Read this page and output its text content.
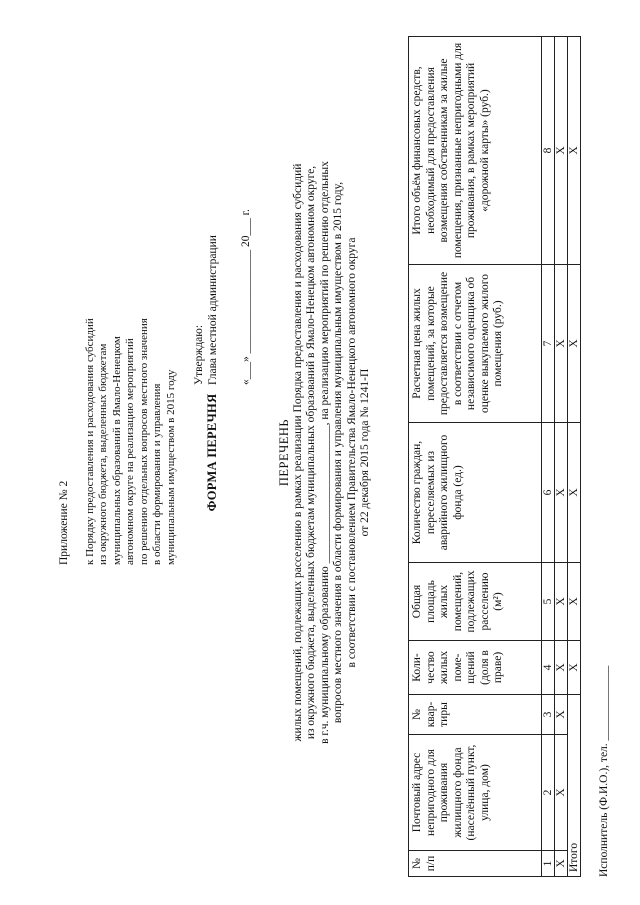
Приложение № 2 к Порядку предоставления и расходования субсидий из окружного бюджета, выделенных бюджетам муниципальных образований в Ямало-Ненецком автономном округе на реализацию мероприятий по решению отдельных вопросов местного значения в области формирования и управления муниципальным имуществом в 2015 году ФОРМА ПЕРЕЧНЯ
Утверждаю: Глава местной администрации «___» __________________ 20___ г.
ПЕРЕЧЕНЬ жилых помещений, подлежащих расселению в рамках реализации Порядка предоставления и расходования субсидий из окружного бюджета, выделенных бюджетам муниципальных образований в Ямало-Ненецком автономном округе, в г.ч. муниципальному образованию ________________________, на реализацию мероприятий по решению отдельных вопросов местного значения в области формирования и управления муниципальным имуществом в 2015 году, в соответствии с постановлением Правительства Ямало-Ненецкого автономного округа от 22 декабря 2015 года № 1241-П
№ п/п	Почтовый адрес непригодного для проживания жилищного фонда (населённый пункт, улица, дом)	№ квар-тиры	Коли-чество жилых поме-щений (доля в праве)	Общая площадь жилых помещений, подлежащих расселению (м²)	Количество граждан, переселяемых из аварийного жилищного фонда (ед.)	Расчетная цена жилых помещений, за которые предоставляется возмещение в соответствии с отчетом независимого оценщика об оценке выкупаемого жилого помещения (руб.)	Итого объём финансовых средств, необходимый для предоставления возмещения собственникам за жилые помещения, признанные непригодными для проживания, в рамках мероприятий «дорожной карты» (руб.)
1	2	3	4	5	6	7	8
X	X	X	X	X	X	X	X
Итого			X	X	X	X	X
Исполнитель (Ф.И.О.), тел. _____________
